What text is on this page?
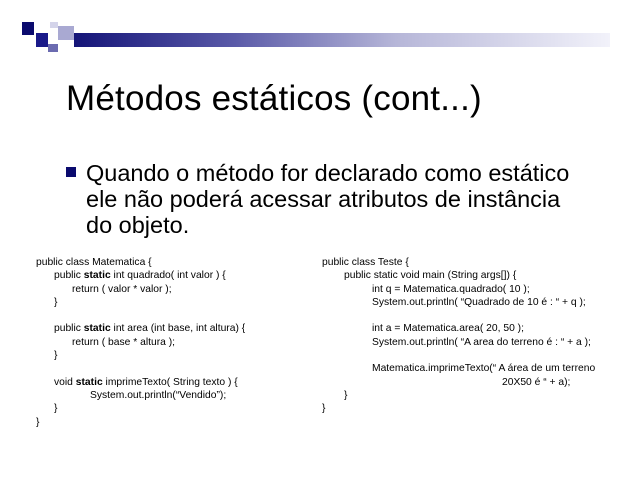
Métodos estáticos (cont...)

Quando o método for declarado como estático ele não poderá acessar atributos de instância do objeto.

public class Matematica {
public static int quadrado( int valor ) {
return ( valor * valor );
}
public static int area (int base, int altura) {
return ( base * altura );
}
void static imprimeTexto( String texto ) {
System.out.println(“Vendido”);
}
}
public class Teste {
public static void main (String args[]) {
int q = Matematica.quadrado( 10 );
System.out.println( “Quadrado de 10 é : “ + q );
int a = Matematica.area( 20, 50 );
System.out.println( “A area do terreno é : “ + a );
Matematica.imprimeTexto(“ A área de um terreno
20X50 é “ + a);
}
}
